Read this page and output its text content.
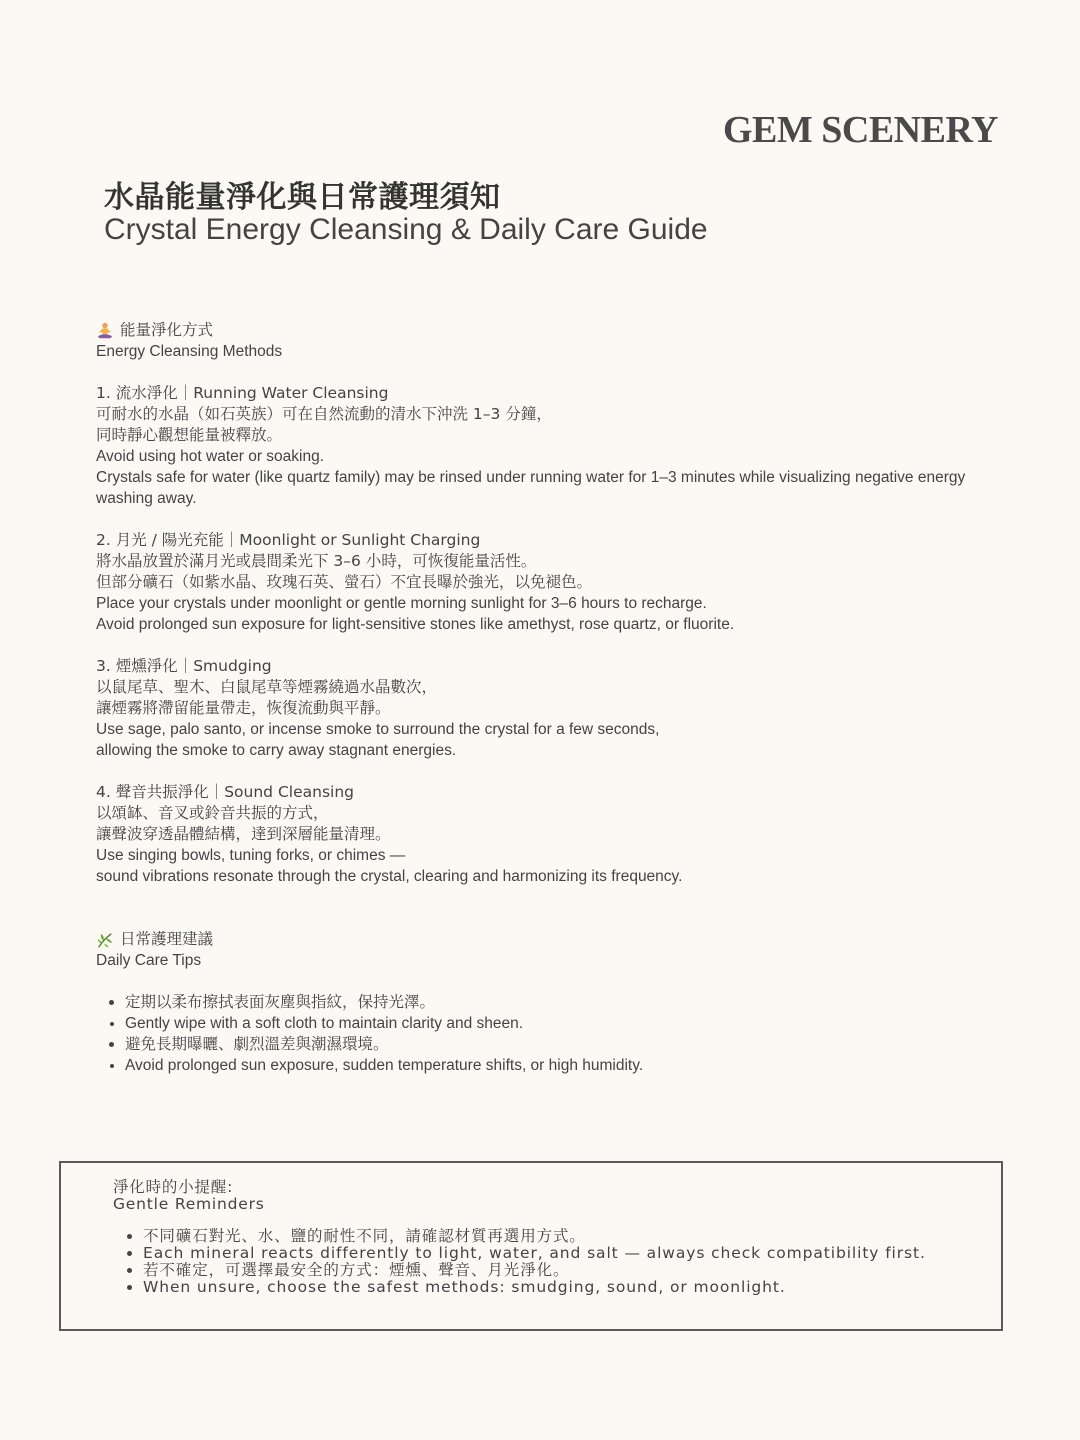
GEM SCENERY
水晶能量淨化與日常護理須知
Crystal Energy Cleansing & Daily Care Guide
能量淨化方式

Energy Cleansing Methods

1. 流水淨化｜Running Water Cleansing

可耐水的水晶（如石英族）可在自然流動的清水下沖洗 1–3 分鐘，

同時靜心觀想能量被釋放。

Avoid using hot water or soaking.

Crystals safe for water (like quartz family) may be rinsed under running water for 1–3 minutes while visualizing negative energy washing away.

2. 月光 / 陽光充能｜Moonlight or Sunlight Charging

將水晶放置於滿月光或晨間柔光下 3–6 小時，可恢復能量活性。

但部分礦石（如紫水晶、玫瑰石英、螢石）不宜長曝於強光，以免褪色。

Place your crystals under moonlight or gentle morning sunlight for 3–6 hours to recharge.

Avoid prolonged sun exposure for light-sensitive stones like amethyst, rose quartz, or fluorite.

3. 煙燻淨化｜Smudging

以鼠尾草、聖木、白鼠尾草等煙霧繞過水晶數次，

讓煙霧將滯留能量帶走，恢復流動與平靜。

Use sage, palo santo, or incense smoke to surround the crystal for a few seconds,

allowing the smoke to carry away stagnant energies.

4. 聲音共振淨化｜Sound Cleansing

以頌缽、音叉或鈴音共振的方式，

讓聲波穿透晶體結構，達到深層能量清理。

Use singing bowls, tuning forks, or chimes —

sound vibrations resonate through the crystal, clearing and harmonizing its frequency.

日常護理建議

Daily Care Tips

• 定期以柔布擦拭表面灰塵與指紋，保持光澤。
• Gently wipe with a soft cloth to maintain clarity and sheen.
• 避免長期曝曬、劇烈溫差與潮濕環境。
• Avoid prolonged sun exposure, sudden temperature shifts, or high humidity.

淨化時的小提醒:

Gentle Reminders

• 不同礦石對光、水、鹽的耐性不同，請確認材質再選用方式。
• Each mineral reacts differently to light, water, and salt — always check compatibility first.
• 若不確定，可選擇最安全的方式：煙燻、聲音、月光淨化。
• When unsure, choose the safest methods: smudging, sound, or moonlight.
